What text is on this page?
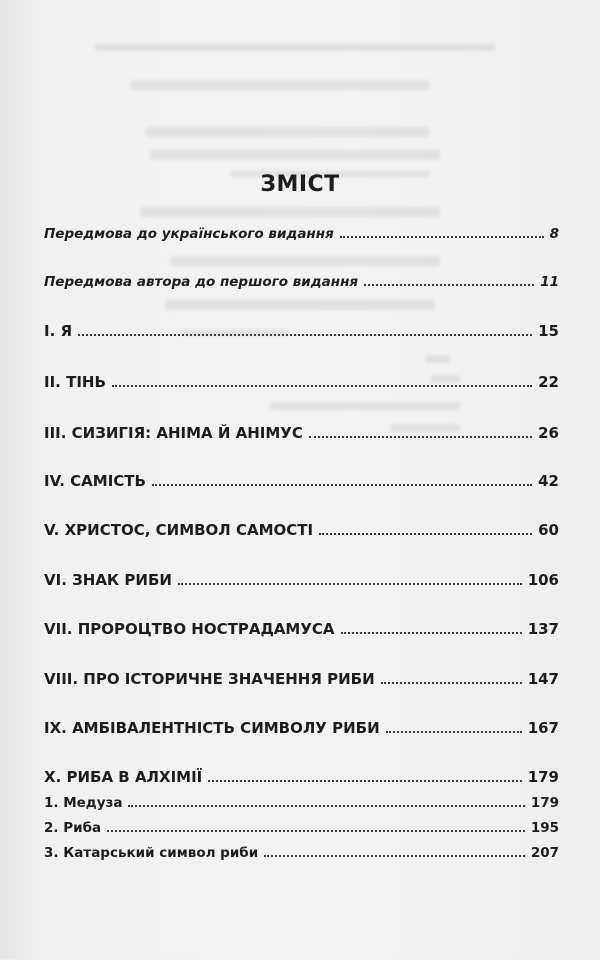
ЗМІСТ
Передмова до українського видання	8
Передмова автора до першого видання	11
I. Я	15
II. ТІНЬ	22
III. СИЗИГІЯ: АНІМА Й АНІМУС	26
IV. САМІСТЬ	42
V. ХРИСТОС, СИМВОЛ САМОСТІ	60
VI. ЗНАК РИБИ	106
VII. ПРОРОЦТВО НОСТРАДАМУСА	137
VIII. ПРО ІСТОРИЧНЕ ЗНАЧЕННЯ РИБИ	147
IX. АМБІВАЛЕНТНІСТЬ СИМВОЛУ РИБИ	167
X. РИБА В АЛХІМІЇ	179
1. Медуза	179
2. Риба	195
3. Катарський символ риби	207
